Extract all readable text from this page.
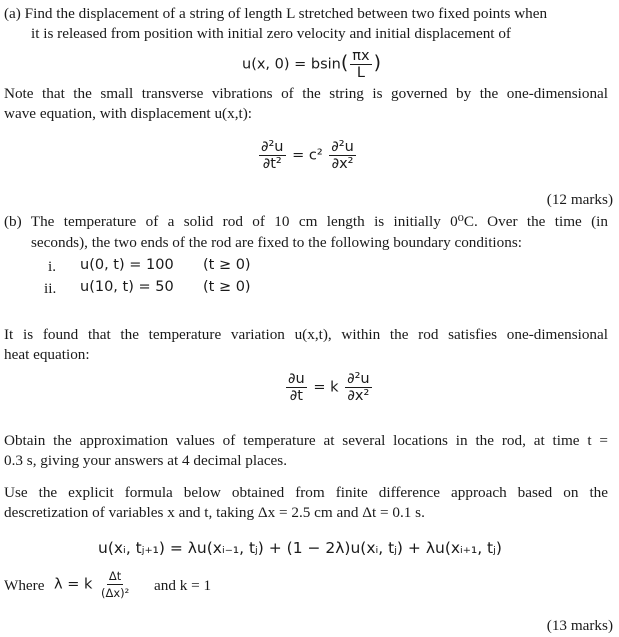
(a) Find the displacement of a string of length L stretched between two fixed points when

it is released from position with initial zero velocity and initial displacement of

u(x, $0) = bsin( \frac{\pi x}{L}$ )

Note that the small transverse vibrations of the string is governed by the one-dimensional

wave equation, with displacement u(x,t):

$\frac{\text{∂²u}}{\text{∂t²}} = c^2 \frac{\text{∂²u}}{\text{∂x²}}$

(12 marks)

(b) The temperature of a solid rod of 10 cm length is initially 0⁰C. Over the time (in

seconds), the two ends of the rod are fixed to the following boundary conditions:

i. u(0, t) = 100 (t ≥ 0)

ii. u(10, t) = 50 (t ≥ 0)

It is found that the temperature variation u(x,t), within the rod satisfies one-dimensional

heat equation:

$\frac{\partial u}{\partial t} = k \frac{\text{∂²u}}{\text{∂x²}}$

Obtain the approximation values of temperature at several locations in the rod, at time t =

0.3 s, giving your answers at 4 decimal places.

Use the explicit formula below obtained from finite difference approach based on the

descretization of variables x and t, taking Δx = 2.5 cm and Δt = 0.1 s.

u(xᵢ, tⱼ₊₁) = λu(xᵢ₋₁, tⱼ) + (1 − 2λ)u(xᵢ, tⱼ) + λu(xᵢ₊₁, tⱼ)

Where λ = k $\frac{\Delta t}{\text{(Δx)²}}$ and k = 1

(13 marks)
